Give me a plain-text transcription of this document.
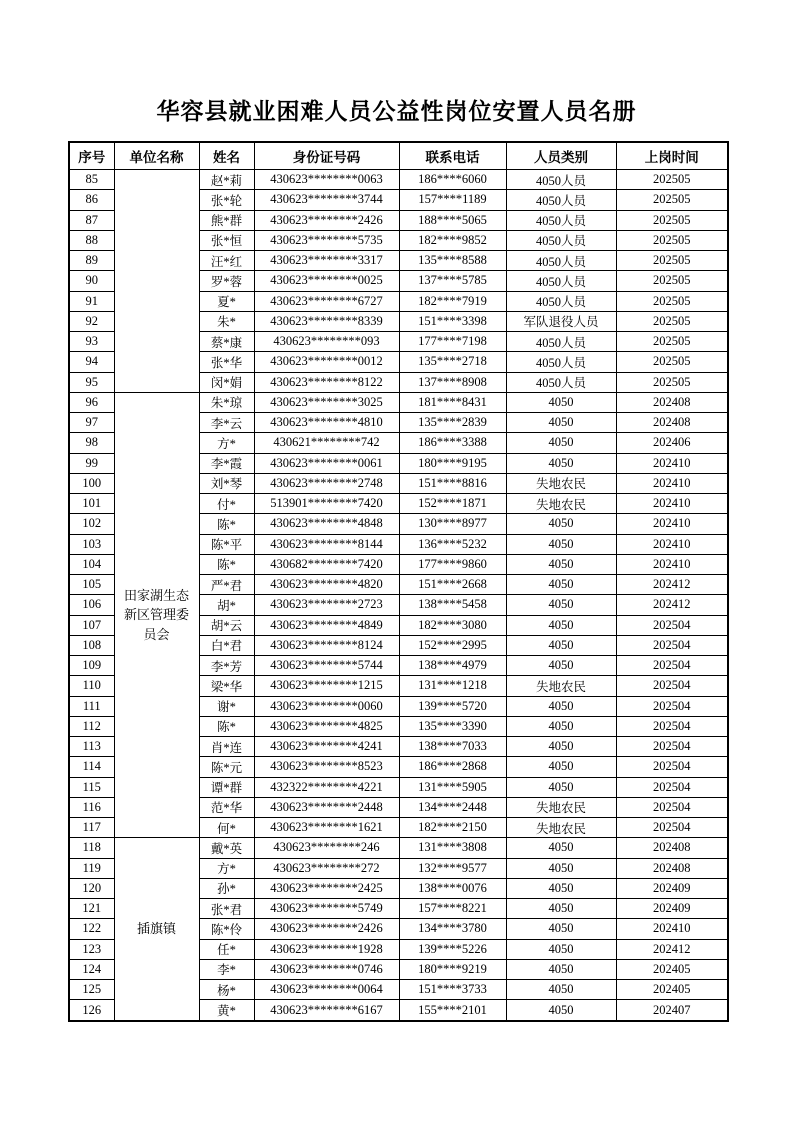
华容县就业困难人员公益性岗位安置人员名册
序号	单位名称	姓名	身份证号码	联系电话	人员类别	上岗时间
85		赵*莉	430623********0063	186****6060	4050人员	202505
86		张*轮	430623********3744	157****1189	4050人员	202505
87		熊*群	430623********2426	188****5065	4050人员	202505
88		张*恒	430623********5735	182****9852	4050人员	202505
89		汪*红	430623********3317	135****8588	4050人员	202505
90		罗*蓉	430623********0025	137****5785	4050人员	202505
91		夏*	430623********6727	182****7919	4050人员	202505
92		朱*	430623********8339	151****3398	军队退役人员	202505
93		蔡*康	430623********093	177****7198	4050人员	202505
94		张*华	430623********0012	135****2718	4050人员	202505
95		闵*娟	430623********8122	137****8908	4050人员	202505
96	田家湖生态新区管理委员会	朱*琼	430623********3025	181****8431	4050	202408
97		李*云	430623********4810	135****2839	4050	202408
98		方*	430621********742	186****3388	4050	202406
99		李*霞	430623********0061	180****9195	4050	202410
100		刘*琴	430623********2748	151****8816	失地农民	202410
101		付*	513901********7420	152****1871	失地农民	202410
102		陈*	430623********4848	130****8977	4050	202410
103		陈*平	430623********8144	136****5232	4050	202410
104		陈*	430682********7420	177****9860	4050	202410
105		严*君	430623********4820	151****2668	4050	202412
106		胡*	430623********2723	138****5458	4050	202412
107		胡*云	430623********4849	182****3080	4050	202504
108		白*君	430623********8124	152****2995	4050	202504
109		李*芳	430623********5744	138****4979	4050	202504
110		梁*华	430623********1215	131****1218	失地农民	202504
111		谢*	430623********0060	139****5720	4050	202504
112		陈*	430623********4825	135****3390	4050	202504
113		肖*连	430623********4241	138****7033	4050	202504
114		陈*元	430623********8523	186****2868	4050	202504
115		谭*群	432322********4221	131****5905	4050	202504
116		范*华	430623********2448	134****2448	失地农民	202504
117		何*	430623********1621	182****2150	失地农民	202504
118	插旗镇	戴*英	430623********246	131****3808	4050	202408
119		方*	430623********272	132****9577	4050	202408
120		孙*	430623********2425	138****0076	4050	202409
121		张*君	430623********5749	157****8221	4050	202409
122		陈*伶	430623********2426	134****3780	4050	202410
123		任*	430623********1928	139****5226	4050	202412
124		李*	430623********0746	180****9219	4050	202405
125		杨*	430623********0064	151****3733	4050	202405
126		黄*	430623********6167	155****2101	4050	202407
